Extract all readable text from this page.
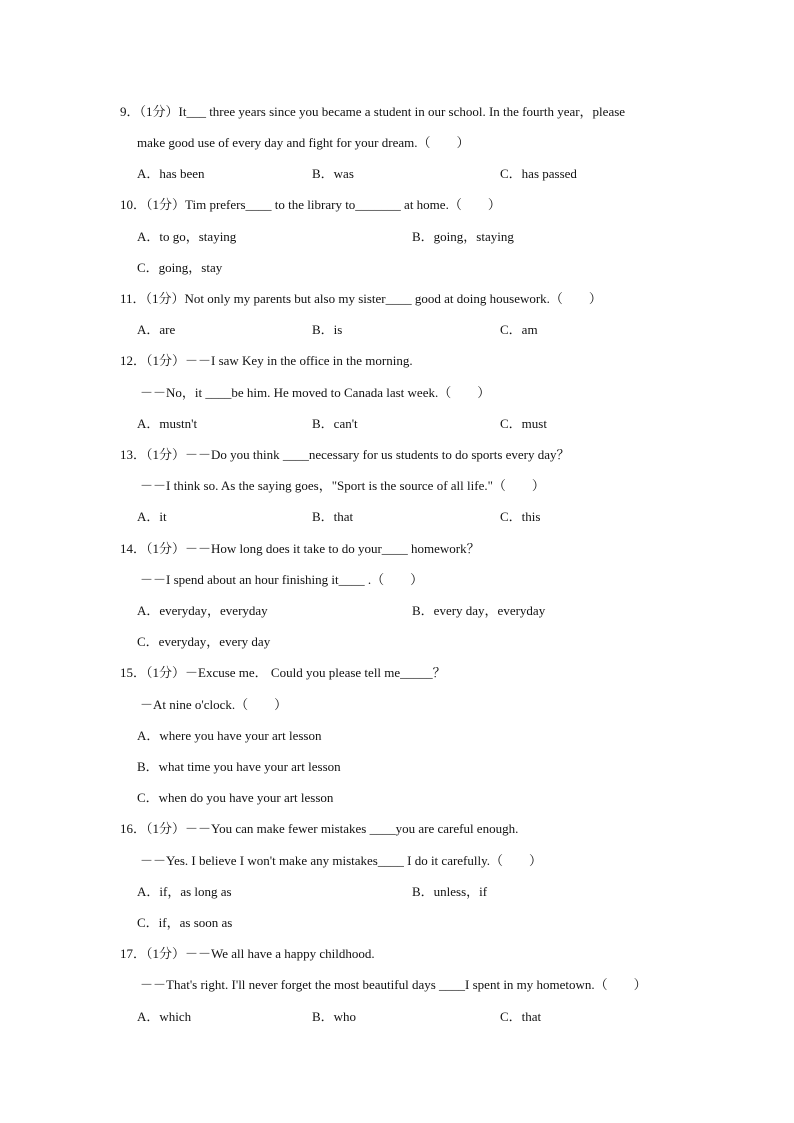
9．（1分）It___ three years since you became a student in our school. In the fourth year，please
make good use of every day and fight for your dream.（　　）
A．has been	B．was	C．has passed
10．（1分）Tim prefers____ to the library to_______ at home.（　　）
A．to go，staying	B．going，staying
C．going，stay
11．（1分）Not only my parents but also my sister____ good at doing housework.（　　）
A．are	B．is	C．am
12．（1分）－－I saw Key in the office in the morning.
－－No，it ____be him. He moved to Canada last week.（　　）
A．mustn't	B．can't	C．must
13．（1分）－－Do you think ____necessary for us students to do sports every day？
－－I think so. As the saying goes，"Sport is the source of all life."（　　）
A．it	B．that	C．this
14．（1分）－－How long does it take to do your____ homework？
－－I spend about an hour finishing it____ .（　　）
A．everyday，everyday	B．every day，everyday
C．everyday，every day
15．（1分）－Excuse me． Could you please tell me_____？
－At nine o'clock.（　　）
A．where you have your art lesson
B．what time you have your art lesson
C．when do you have your art lesson
16．（1分）－－You can make fewer mistakes ____you are careful enough.
－－Yes. I believe I won't make any mistakes____ I do it carefully.（　　）
A．if，as long as	B．unless，if
C．if，as soon as
17．（1分）－－We all have a happy childhood.
－－That's right. I'll never forget the most beautiful days ____I spent in my hometown.（　　）
A．which	B．who	C．that
